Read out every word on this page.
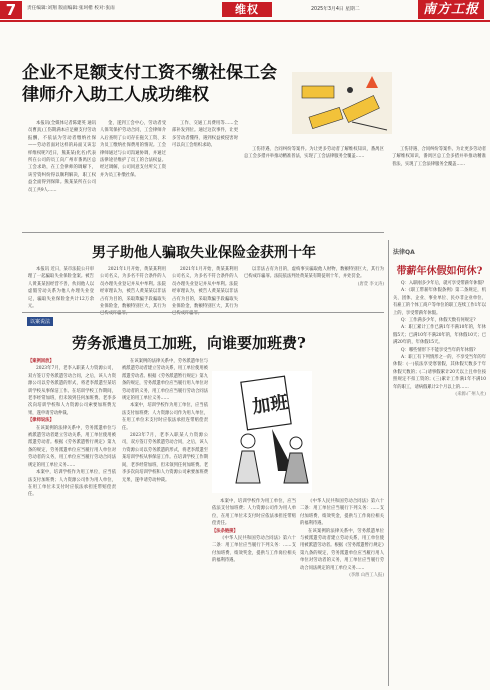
7	责任编辑:刘翔 版面编辑:张珂楷 校对:张雨	维权	2025年3月4日 星期二	南方工报
企业不足额支付工资不缴社保工会律师介入助工人成功维权

本报讯(全媒体记者陈建英 通讯员曹真)工伤期满本应足额支付劳动报酬，不依法为劳动者缴纳社保——劳动者面对这样的局面又该怎样维权呢?近日，熊某某(化名)代表所在公司的员工向广州市番禺区总工会求助，在工会律师的调解下，该劳资纠纷得以顺利解决，职工权益全面得到保障。熊某某所在公司员工共9人……

金，遂到工会中心，劳动者受人保驾保护劳动合同，工会律师介入后查明了公司存在拖欠工资、未为员工缴纳社保费用的情况。工会律师通过与公司沟通协调，并通过法律途径维护了员工的合法权益。经过调解，公司同意支付所欠工资并为员工补缴社保。

工作、交通工具费用等……全部补发到位。通过这次事件，让更多劳动者懂得，遇到权益被侵害时可以向工会组织求助。

工伤待遇、合同纠纷等案件。为让更多劳动者了解维权知识，番禺区总工会多措并举推动精准普法，实现了工会法律服务全覆盖……

工伤待遇、合同纠纷等案件。为让更多劳动者了解维权知识，番禺区总工会多措并举推动精准普法，实现了工会法律服务全覆盖……

男子助他人骗取失业保险金获刑十年

本报讯 近日，某市法院公开审理了一起骗取失业保险金案。被告人黄某某因经营不善，伙同他人以虚假劳动关系为他人办理失业登记，骗取失业保险金共计12万余元。

2021年1月开始，黄某某利用公司名义，为多名不符合条件的人员办理失业登记并从中牟利。法院经审理认为，被告人黄某某以非法占有为目的，采取欺骗手段骗取失业保险金，数额特别巨大，其行为已构成诈骗罪。

2021年1月开始，黄某某利用公司名义，为多名不符合条件的人员办理失业登记并从中牟利。法院经审理认为，被告人黄某某以非法占有为目的，采取欺骗手段骗取失业保险金，数额特别巨大，其行为已构成诈骗罪。

以非法占有为目的，虚构事实骗取他人财物，数额特别巨大，其行为已构成诈骗罪。法院依法判处黄某某有期徒刑十年，并处罚金。

(唐萱 李文涛)

以案说法
劳务派遣员工加班，向谁要加班费?

【案例回放】

2023年7月，老李入职某人力资源公司，双方签订劳务派遣劳动合同，之后，该人力资源公司以劳务派遣的形式，将老李派遣至某培训学校从事保洁工作。在培训学校工作期间，老李经常加班，但未领到任何加班费。老李多次向培训学校和人力资源公司索要加班费无果，遂申请劳动仲裁。

【律师说法】

在该案例的法律关系中，劳务派遣单位与被派遣劳动者建立劳动关系，用工单位使用被派遣劳动者。根据《劳务派遣暂行规定》第九条的规定，劳务派遣单位应当履行用人单位对劳动者的义务，用工单位应当履行劳动合同法规定的用工单位义务……

本案中，培训学校作为用工单位，应当依法支付加班费；人力资源公司作为用人单位，在用工单位未支付时应依法承担连带赔偿责任。

在该案例的法律关系中，劳务派遣单位与被派遣劳动者建立劳动关系，用工单位使用被派遣劳动者。根据《劳务派遣暂行规定》第九条的规定，劳务派遣单位应当履行用人单位对劳动者的义务，用工单位应当履行劳动合同法规定的用工单位义务……

本案中，培训学校作为用工单位，应当依法支付加班费；人力资源公司作为用人单位，在用工单位未支付时应依法承担连带赔偿责任。

2023年7月，老李入职某人力资源公司，双方签订劳务派遣劳动合同，之后，该人力资源公司以劳务派遣的形式，将老李派遣至某培训学校从事保洁工作。在培训学校工作期间，老李经常加班，但未领到任何加班费。老李多次向培训学校和人力资源公司索要加班费无果，遂申请劳动仲裁。

加班

本案中，培训学校作为用工单位，应当依法支付加班费；人力资源公司作为用人单位，在用工单位未支付时应依法承担连带赔偿责任。

【法条链接】

《中华人民共和国劳动合同法》第六十二条：用工单位应当履行下列义务：……支付加班费、绩效奖金，提供与工作岗位相关的福利待遇。

《中华人民共和国劳动合同法》第六十二条：用工单位应当履行下列义务：……支付加班费、绩效奖金，提供与工作岗位相关的福利待遇。

在该案例的法律关系中，劳务派遣单位与被派遣劳动者建立劳动关系，用工单位使用被派遣劳动者。根据《劳务派遣暂行规定》第九条的规定，劳务派遣单位应当履行用人单位对劳动者的义务，用工单位应当履行劳动合同法规定的用工单位义务……

(李源 山西工人报)

法律QA
带薪年休假如何休?

Q：入职刚多少年后，就可享受带薪年休假?

A：《职工带薪年休假条例》第二条规定，机关、团体、企业、事业单位、民办非企业单位、有雇工的个体工商户等单位的职工连续工作1年以上的，享受带薪年休假。

Q：工作满多少年，休假天数有何规定?

A：职工累计工作已满1年不满10年的，年休假5天；已满10年不满20年的，年休假10天；已满20年的，年休假15天。

Q：哪些情形下不能享受当年的年休假?

A：职工有下列情形之一的，不享受当年的年休假：(一)依法享受寒暑假，其休假天数多于年休假天数的；(二)请事假累计20天以上且单位按照规定不扣工资的；(三)累计工作满1年不满10年的职工，请病假累计2个月以上的……

(来源:广州人社)
